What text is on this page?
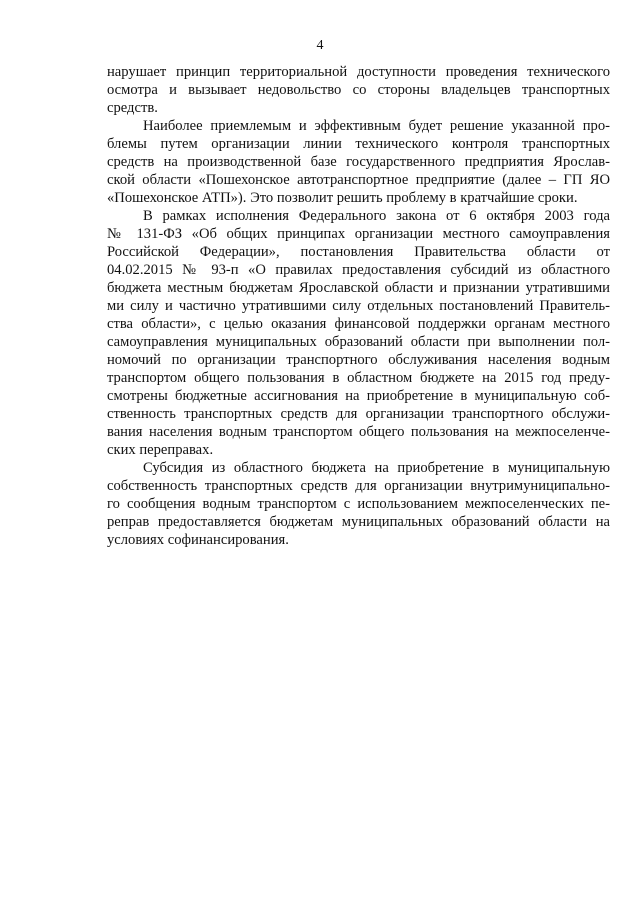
4
нарушает принцип территориальной доступности проведения технического
осмотра и вызывает недовольство со стороны владельцев транспортных
средств.
Наиболее приемлемым и эффективным будет решение указанной про-
блемы путем организации линии технического контроля транспортных
средств на производственной базе государственного предприятия Ярослав-
ской области «Пошехонское автотранспортное предприятие (далее – ГП ЯО
«Пошехонское АТП»). Это позволит решить проблему в кратчайшие сроки.
В рамках исполнения Федерального закона от 6 октября 2003 года
№ 131-ФЗ «Об общих принципах организации местного самоуправления
Российской Федерации», постановления Правительства области от
04.02.2015 № 93-п «О правилах предоставления субсидий из областного
бюджета местным бюджетам Ярославской области и признании утратившими
ми силу и частично утратившими силу отдельных постановлений Правитель-
ства области», с целью оказания финансовой поддержки органам местного
самоуправления муниципальных образований области при выполнении пол-
номочий по организации транспортного обслуживания населения водным
транспортом общего пользования в областном бюджете на 2015 год преду-
смотрены бюджетные ассигнования на приобретение в муниципальную соб-
ственность транспортных средств для организации транспортного обслужи-
вания населения водным транспортом общего пользования на межпоселенче-
ских переправах.
Субсидия из областного бюджета на приобретение в муниципальную
собственность транспортных средств для организации внутримуниципально-
го сообщения водным транспортом с использованием межпоселенческих пе-
реправ предоставляется бюджетам муниципальных образований области на
условиях софинансирования.
